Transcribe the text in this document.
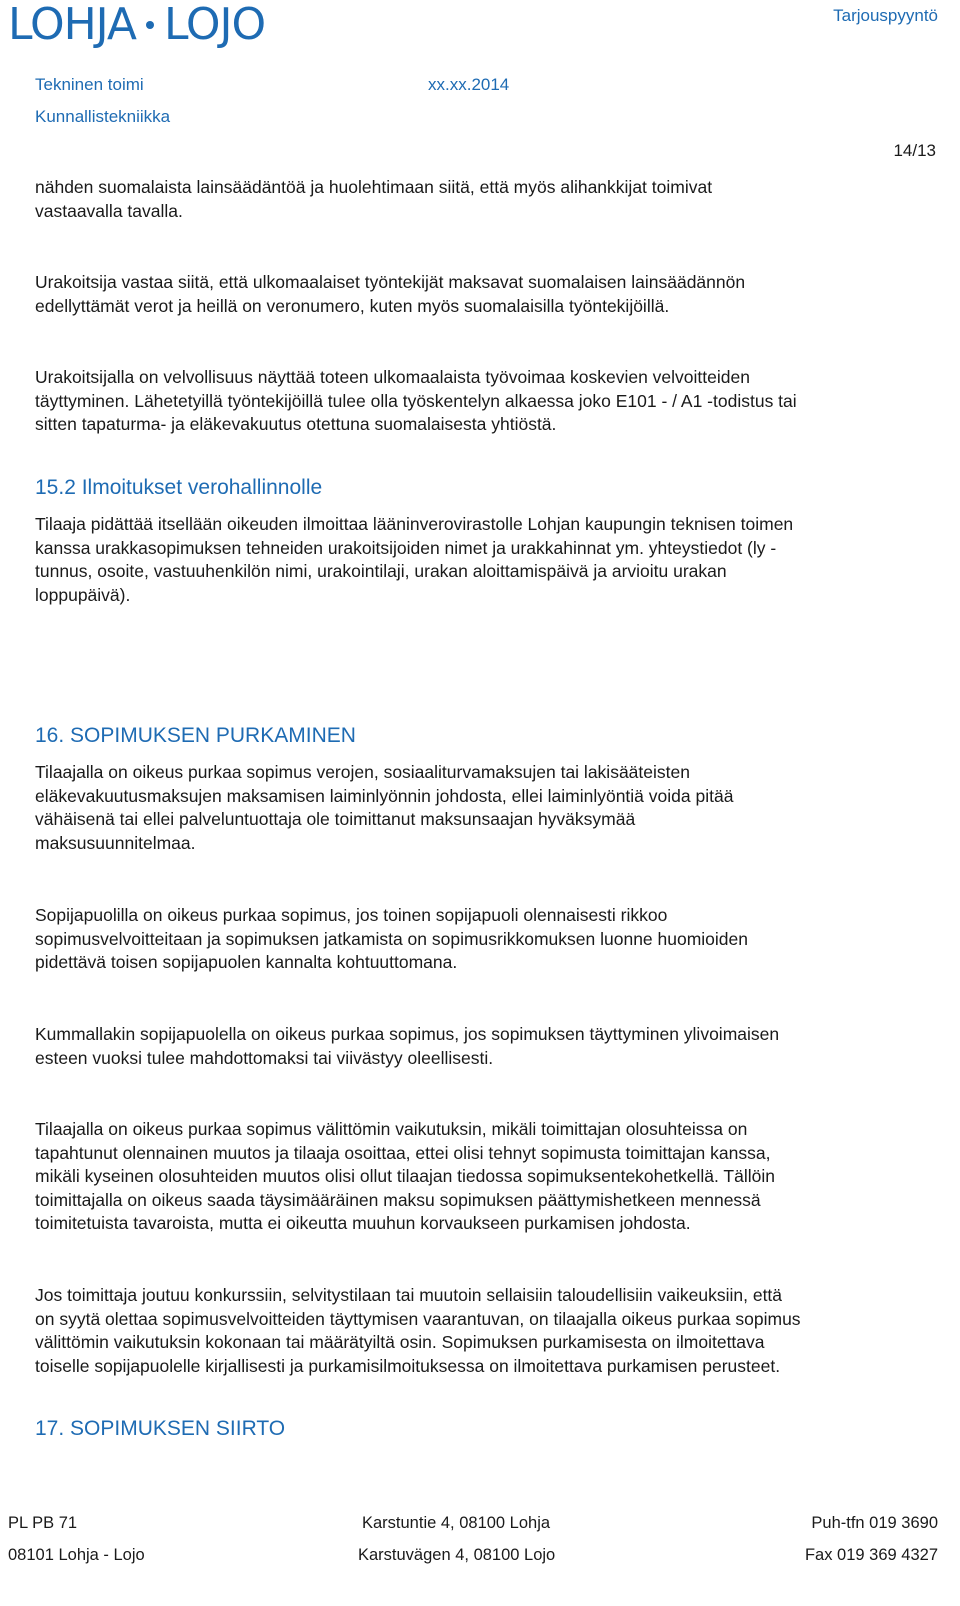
LOHJA LOJO	Tarjouspyyntö
Tekninen toimi
Kunnallistekniikka
xx.xx.2014
14/13

nähden suomalaista lainsäädäntöä ja huolehtimaan siitä, että myös alihankkijat toimivat
vastaavalla tavalla.

Urakoitsija vastaa siitä, että ulkomaalaiset työntekijät maksavat suomalaisen lainsäädännön
edellyttämät verot ja heillä on veronumero, kuten myös suomalaisilla työntekijöillä.

Urakoitsijalla on velvollisuus näyttää toteen ulkomaalaista työvoimaa koskevien velvoitteiden
täyttyminen. Lähetetyillä työntekijöillä tulee olla työskentelyn alkaessa joko E101 - / A1 -todistus tai
sitten tapaturma- ja eläkevakuutus otettuna suomalaisesta yhtiöstä.

15.2 Ilmoitukset verohallinnolle

Tilaaja pidättää itsellään oikeuden ilmoittaa lääninverovirastolle Lohjan kaupungin teknisen toimen
kanssa urakkasopimuksen tehneiden urakoitsijoiden nimet ja urakkahinnat ym. yhteystiedot (ly -
tunnus, osoite, vastuuhenkilön nimi, urakointilaji, urakan aloittamispäivä ja arvioitu urakan
loppupäivä).

16. SOPIMUKSEN PURKAMINEN

Tilaajalla on oikeus purkaa sopimus verojen, sosiaaliturvamaksujen tai lakisääteisten
eläkevakuutusmaksujen maksamisen laiminlyönnin johdosta, ellei laiminlyöntiä voida pitää
vähäisenä tai ellei palveluntuottaja ole toimittanut maksunsaajan hyväksymää
maksusuunnitelmaa.

Sopijapuolilla on oikeus purkaa sopimus, jos toinen sopijapuoli olennaisesti rikkoo
sopimusvelvoitteitaan ja sopimuksen jatkamista on sopimusrikkomuksen luonne huomioiden
pidettävä toisen sopijapuolen kannalta kohtuuttomana.

Kummallakin sopijapuolella on oikeus purkaa sopimus, jos sopimuksen täyttyminen ylivoimaisen
esteen vuoksi tulee mahdottomaksi tai viivästyy oleellisesti.

Tilaajalla on oikeus purkaa sopimus välittömin vaikutuksin, mikäli toimittajan olosuhteissa on
tapahtunut olennainen muutos ja tilaaja osoittaa, ettei olisi tehnyt sopimusta toimittajan kanssa,
mikäli kyseinen olosuhteiden muutos olisi ollut tilaajan tiedossa sopimuksentekohetkellä. Tällöin
toimittajalla on oikeus saada täysimääräinen maksu sopimuksen päättymishetkeen mennessä
toimitetuista tavaroista, mutta ei oikeutta muuhun korvaukseen purkamisen johdosta.

Jos toimittaja joutuu konkurssiin, selvitystilaan tai muutoin sellaisiin taloudellisiin vaikeuksiin, että
on syytä olettaa sopimusvelvoitteiden täyttymisen vaarantuvan, on tilaajalla oikeus purkaa sopimus
välittömin vaikutuksin kokonaan tai määrätyiltä osin. Sopimuksen purkamisesta on ilmoitettava
toiselle sopijapuolelle kirjallisesti ja purkamisilmoituksessa on ilmoitettava purkamisen perusteet.

17. SOPIMUKSEN SIIRTO
PL PB 71
08101 Lohja - Lojo
Karstuntie 4, 08100 Lohja
Karstuvägen 4, 08100 Lojo
Puh-tfn 019 3690
Fax 019 369 4327
